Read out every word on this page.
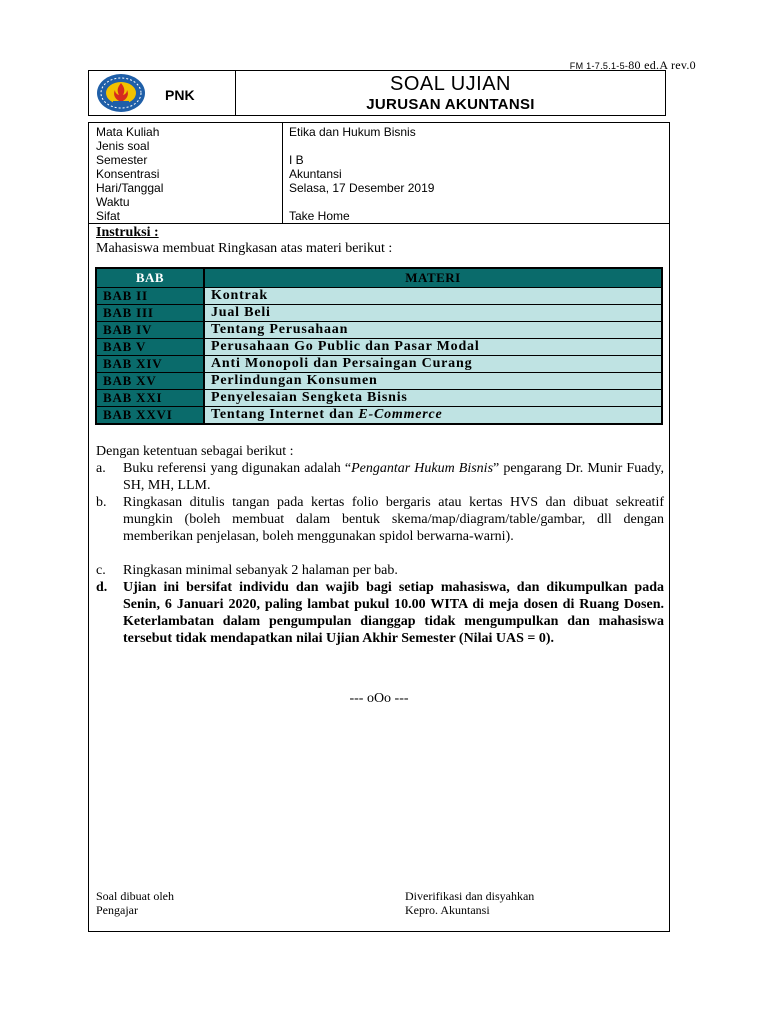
FM 1-7.5.1-5-80 ed.A rev.0
PNK	SOAL UJIAN
JURUSAN AKUNTANSI
Mata Kuliah	Etika dan Hukum Bisnis
Jenis soal
Semester	I B
Konsentrasi	Akuntansi
Hari/Tanggal	Selasa, 17 Desember 2019
Waktu
Sifat	Take Home
Instruksi :
Mahasiswa membuat Ringkasan atas materi berikut :
BAB	MATERI
BAB II	Kontrak
BAB III	Jual Beli
BAB IV	Tentang Perusahaan
BAB V	Perusahaan Go Public dan Pasar Modal
BAB XIV	Anti Monopoli dan Persaingan Curang
BAB XV	Perlindungan Konsumen
BAB XXI	Penyelesaian Sengketa Bisnis
BAB XXVI	Tentang Internet dan E-Commerce
Dengan ketentuan sebagai berikut :
a. Buku referensi yang digunakan adalah “Pengantar Hukum Bisnis” pengarang Dr. Munir Fuady, SH, MH, LLM.
b. Ringkasan ditulis tangan pada kertas folio bergaris atau kertas HVS dan dibuat sekreatif mungkin (boleh membuat dalam bentuk skema/map/diagram/table/gambar, dll dengan memberikan penjelasan, boleh menggunakan spidol berwarna-warni).
c. Ringkasan minimal sebanyak 2 halaman per bab.
d. Ujian ini bersifat individu dan wajib bagi setiap mahasiswa, dan dikumpulkan pada Senin, 6 Januari 2020, paling lambat pukul 10.00 WITA di meja dosen di Ruang Dosen. Keterlambatan dalam pengumpulan dianggap tidak mengumpulkan dan mahasiswa tersebut tidak mendapatkan nilai Ujian Akhir Semester (Nilai UAS = 0).
--- oOo ---
Soal dibuat oleh
Pengajar
Diverifikasi dan disyahkan
Kepro. Akuntansi
